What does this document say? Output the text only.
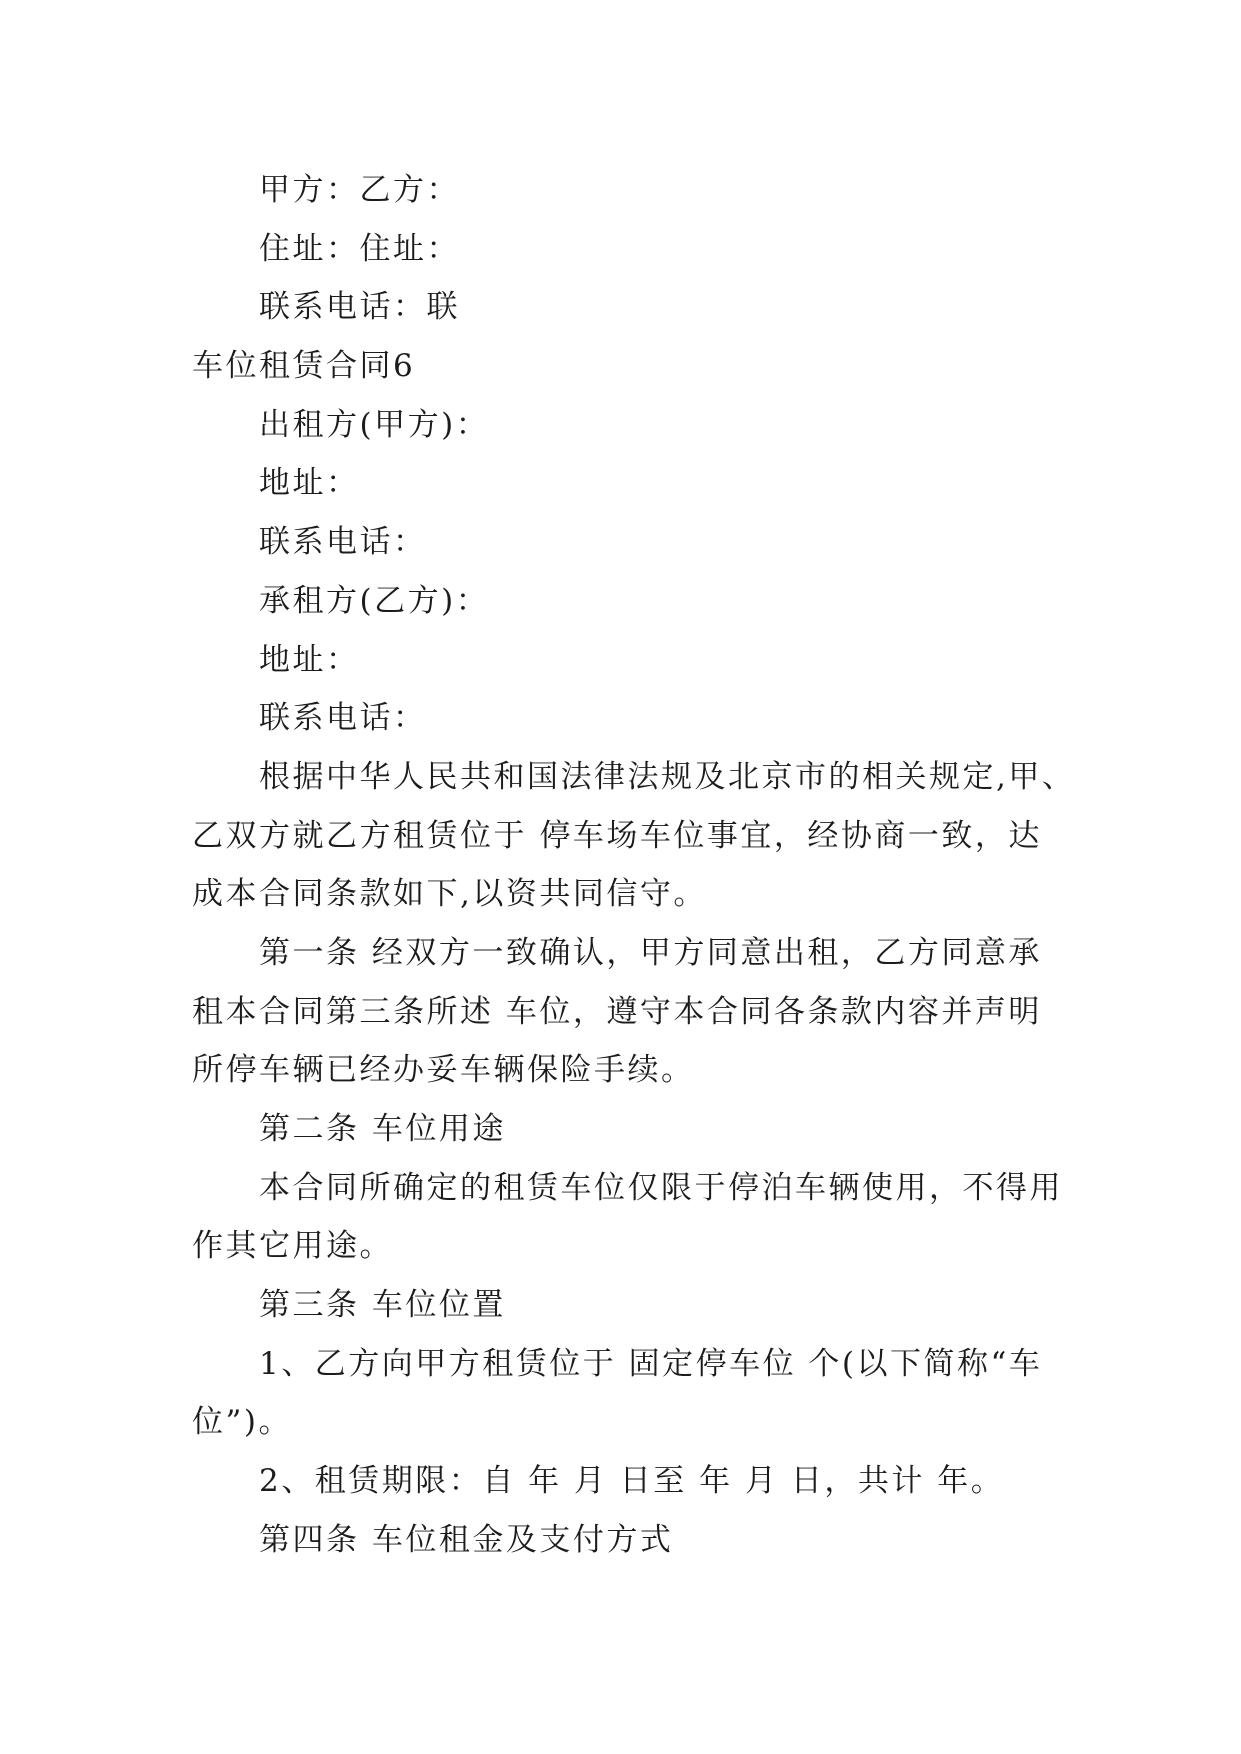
甲方：乙方：
住址：住址：
联系电话：联
车位租赁合同6
出租方(甲方)：
地址：
联系电话：
承租方(乙方)：
地址：
联系电话：
根据中华人民共和国法律法规及北京市的相关规定,甲、
乙双方就乙方租赁位于 停车场车位事宜，经协商一致，达
成本合同条款如下,以资共同信守。
第一条 经双方一致确认，甲方同意出租，乙方同意承
租本合同第三条所述 车位，遵守本合同各条款内容并声明
所停车辆已经办妥车辆保险手续。
第二条 车位用途
本合同所确定的租赁车位仅限于停泊车辆使用，不得用
作其它用途。
第三条 车位位置
1、乙方向甲方租赁位于 固定停车位 个(以下简称“车
位”)。
2、租赁期限：自 年 月 日至 年 月 日，共计 年。
第四条 车位租金及支付方式
